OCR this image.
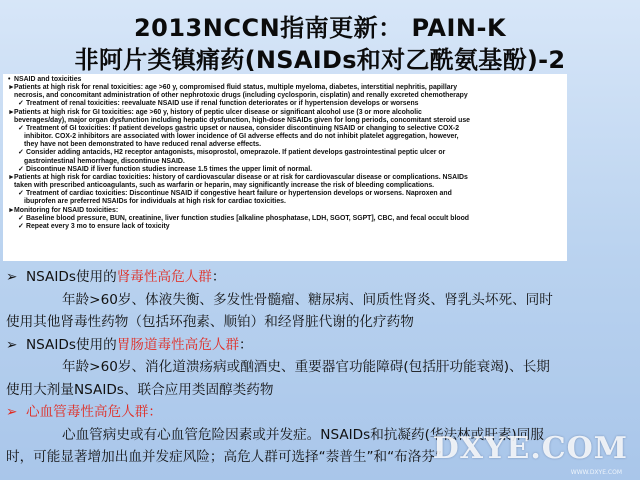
2013NCCN指南更新： PAIN-K
非阿片类镇痛药(NSAIDs和对乙酰氨基酚)-2
• NSAID and toxicities
►Patients at high risk for renal toxicities: age >60 y, compromised fluid status, multiple myeloma, diabetes, interstitial nephritis, papillary
necrosis, and concomitant administration of other nephrotoxic drugs (including cyclosporin, cisplatin) and renally excreted chemotherapy
✓ Treatment of renal toxicities: reevaluate NSAID use if renal function deteriorates or if hypertension develops or worsens
►Patients at high risk for GI toxicities: age >60 y, history of peptic ulcer disease or significant alcohol use (3 or more alcoholic
beverages/day), major organ dysfunction including hepatic dysfunction, high-dose NSAIDs given for long periods, concomitant steroid use
✓ Treatment of GI toxicities: If patient develops gastric upset or nausea, consider discontinuing NSAID or changing to selective COX-2
inhibitor. COX-2 inhibitors are associated with lower incidence of GI adverse effects and do not inhibit platelet aggregation, however,
they have not been demonstrated to have reduced renal adverse effects.
✓ Consider adding antacids, H2 receptor antagonists, misoprostol, omeprazole. If patient develops gastrointestinal peptic ulcer or
gastrointestinal hemorrhage, discontinue NSAID.
✓ Discontinue NSAID if liver function studies increase 1.5 times the upper limit of normal.
►Patients at high risk for cardiac toxicities: history of cardiovascular disease or at risk for cardiovascular disease or complications. NSAIDs
taken with prescribed anticoagulants, such as warfarin or heparin, may significantly increase the risk of bleeding complications.
✓ Treatment of cardiac toxicities: Discontinue NSAID if congestive heart failure or hypertension develops or worsens. Naproxen and
ibuprofen are preferred NSAIDs for individuals at high risk for cardiac toxicities.
►Monitoring for NSAID toxicities:
✓ Baseline blood pressure, BUN, creatinine, liver function studies [alkaline phosphatase, LDH, SGOT, SGPT], CBC, and fecal occult blood
✓ Repeat every 3 mo to ensure lack of toxicity
➢ NSAIDs使用的肾毒性高危人群：
年龄>60岁、体液失衡、多发性骨髓瘤、糖尿病、间质性肾炎、肾乳头坏死、同时
使用其他肾毒性药物（包括环孢素、顺铂）和经肾脏代谢的化疗药物
➢ NSAIDs使用的胃肠道毒性高危人群：
年龄>60岁、消化道溃疡病或酗酒史、重要器官功能障碍(包括肝功能衰竭)、长期
使用大剂量NSAIDs、联合应用类固醇类药物
➢ 心血管毒性高危人群：
心血管病史或有心血管危险因素或并发症。NSAIDs和抗凝药(华法林或肝素)同服
时，可能显著增加出血并发症风险；高危人群可选择“萘普生”和“布洛芬”
DXYE.COM
WWW.DXYE.COM
